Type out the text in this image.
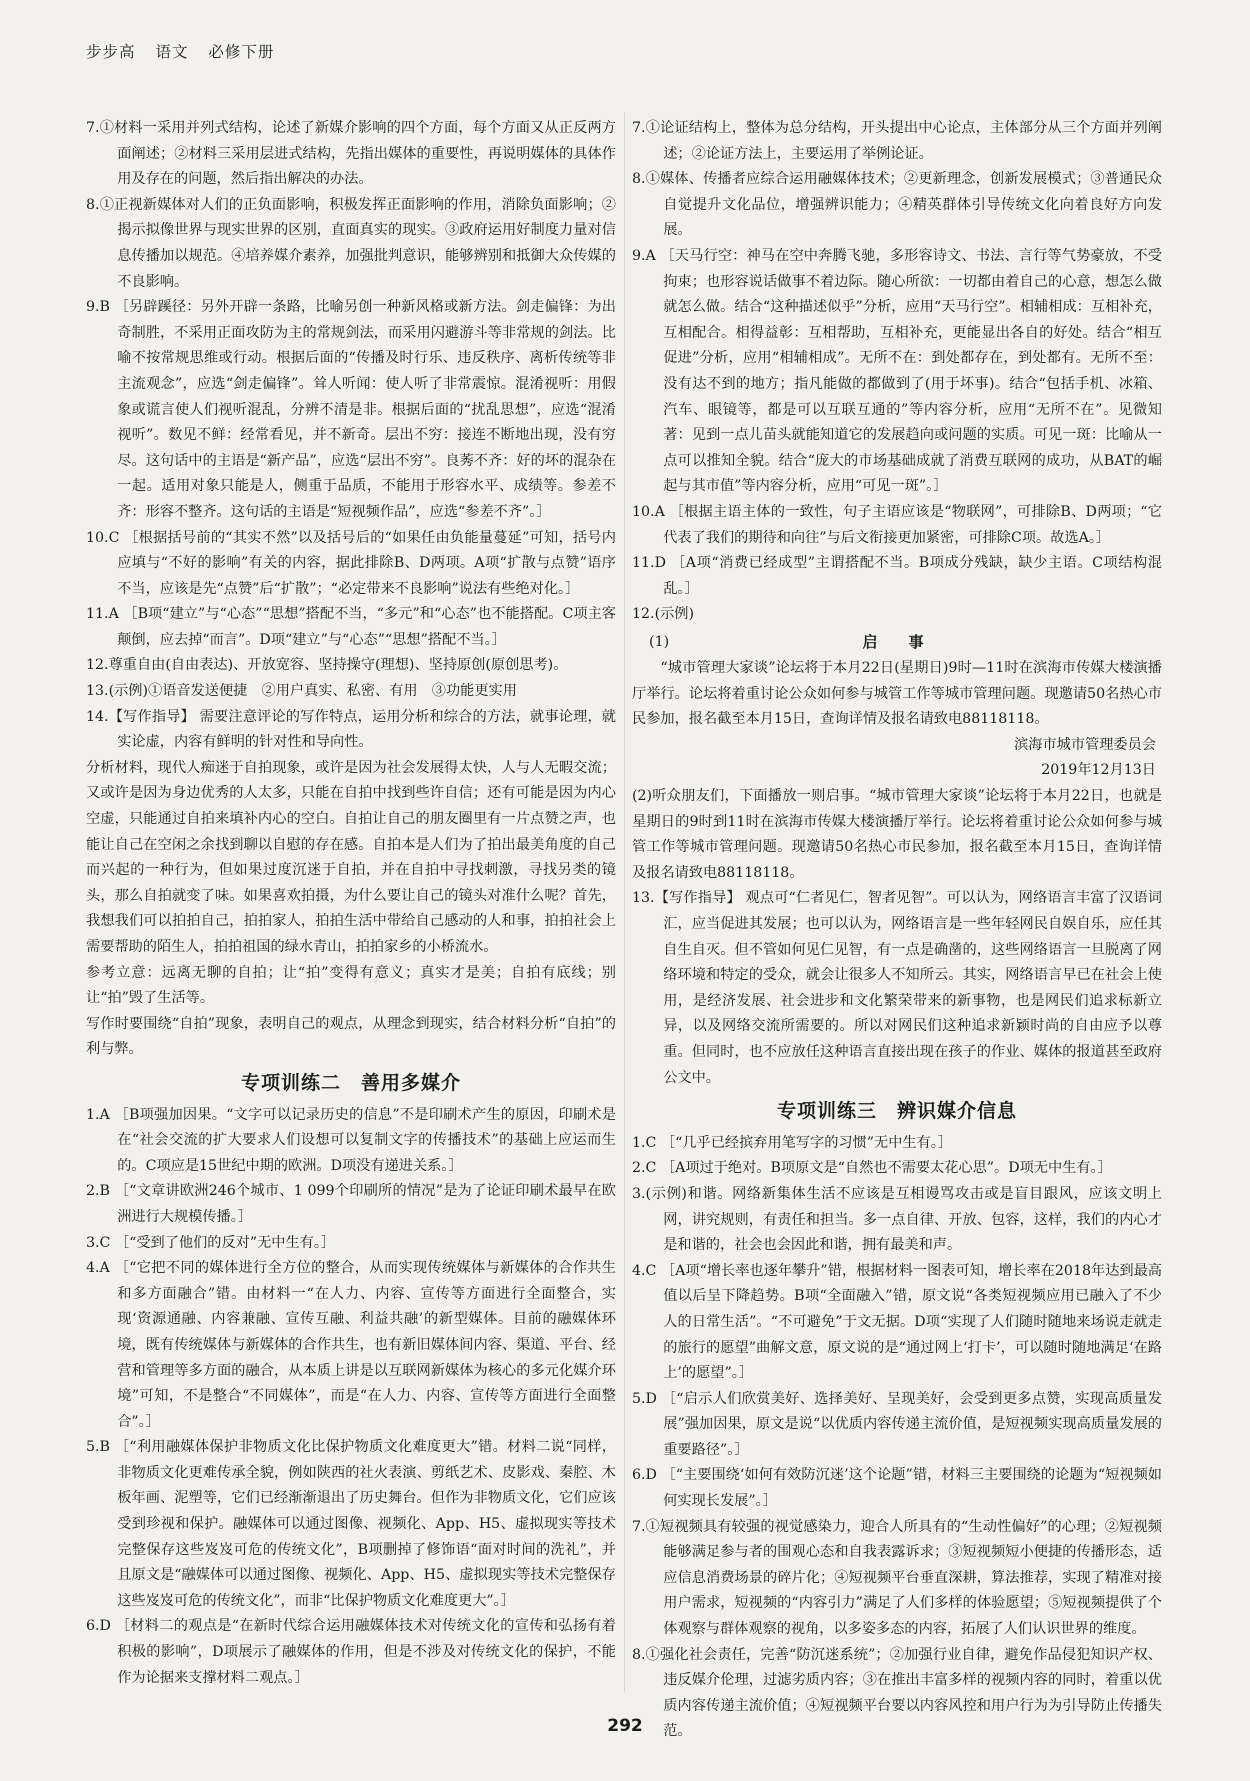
步步高 语文 必修下册

7.①材料一采用并列式结构，论述了新媒介影响的四个方面，每个方面又从正反两方面阐述；②材料三采用层进式结构，先指出媒体的重要性，再说明媒体的具体作用及存在的问题，然后指出解决的办法。

8.①正视新媒体对人们的正负面影响，积极发挥正面影响的作用，消除负面影响；②揭示拟像世界与现实世界的区别，直面真实的现实。③政府运用好制度力量对信息传播加以规范。④培养媒介素养，加强批判意识，能够辨别和抵御大众传媒的不良影响。

9.B ［另辟蹊径：另外开辟一条路，比喻另创一种新风格或新方法。剑走偏锋：为出奇制胜，不采用正面攻防为主的常规剑法，而采用闪避游斗等非常规的剑法。比喻不按常规思维或行动。根据后面的“传播及时行乐、违反秩序、离析传统等非主流观念”，应选“剑走偏锋”。耸人听闻：使人听了非常震惊。混淆视听：用假象或谎言使人们视听混乱，分辨不清是非。根据后面的“扰乱思想”，应选“混淆视听”。数见不鲜：经常看见，并不新奇。层出不穷：接连不断地出现，没有穷尽。这句话中的主语是“新产品”，应选“层出不穷”。良莠不齐：好的坏的混杂在一起。适用对象只能是人，侧重于品质，不能用于形容水平、成绩等。参差不齐：形容不整齐。这句话的主语是“短视频作品”，应选“参差不齐”。］

10.C ［根据括号前的“其实不然”以及括号后的“如果任由负能量蔓延”可知，括号内应填与“不好的影响”有关的内容，据此排除B、D两项。A项“扩散与点赞”语序不当，应该是先“点赞”后“扩散”；“必定带来不良影响”说法有些绝对化。］

11.A ［B项“建立”与“心态”“思想”搭配不当，“多元”和“心态”也不能搭配。C项主客颠倒，应去掉“而言”。D项“建立”与“心态”“思想”搭配不当。］

12.尊重自由(自由表达)、开放宽容、坚持操守(理想)、坚持原创(原创思考)。

13.(示例)①语音发送便捷　②用户真实、私密、有用　③功能更实用

14.【写作指导】 需要注意评论的写作特点，运用分析和综合的方法，就事论理，就实论虚，内容有鲜明的针对性和导向性。

分析材料，现代人痴迷于自拍现象，或许是因为社会发展得太快，人与人无暇交流；又或许是因为身边优秀的人太多，只能在自拍中找到些许自信；还有可能是因为内心空虚，只能通过自拍来填补内心的空白。自拍让自己的朋友圈里有一片点赞之声，也能让自己在空闲之余找到聊以自慰的存在感。自拍本是人们为了拍出最美角度的自己而兴起的一种行为，但如果过度沉迷于自拍，并在自拍中寻找刺激，寻找另类的镜头，那么自拍就变了味。如果喜欢拍摄，为什么要让自己的镜头对准什么呢？首先，我想我们可以拍拍自己，拍拍家人，拍拍生活中带给自己感动的人和事，拍拍社会上需要帮助的陌生人，拍拍祖国的绿水青山，拍拍家乡的小桥流水。

参考立意：远离无聊的自拍；让“拍”变得有意义；真实才是美；自拍有底线；别让“拍”毁了生活等。

写作时要围绕“自拍”现象，表明自己的观点，从理念到现实，结合材料分析“自拍”的利与弊。

专项训练二　善用多媒介

1.A ［B项强加因果。“文字可以记录历史的信息”不是印刷术产生的原因，印刷术是在“社会交流的扩大要求人们设想可以复制文字的传播技术”的基础上应运而生的。C项应是15世纪中期的欧洲。D项没有递进关系。］

2.B ［“文章讲欧洲246个城市、1 099个印刷所的情况”是为了论证印刷术最早在欧洲进行大规模传播。］

3.C ［“受到了他们的反对”无中生有。］

4.A ［“它把不同的媒体进行全方位的整合，从而实现传统媒体与新媒体的合作共生和多方面融合”错。由材料一“在人力、内容、宣传等方面进行全面整合，实现‘资源通融、内容兼融、宣传互融、利益共融’的新型媒体。目前的融媒体环境，既有传统媒体与新媒体的合作共生，也有新旧媒体间内容、渠道、平台、经营和管理等多方面的融合，从本质上讲是以互联网新媒体为核心的多元化媒介环境”可知，不是整合“不同媒体”，而是“在人力、内容、宣传等方面进行全面整合”。］

5.B ［“利用融媒体保护非物质文化比保护物质文化难度更大”错。材料二说“同样，非物质文化更难传承全貌，例如陕西的社火表演、剪纸艺术、皮影戏、秦腔、木板年画、泥塑等，它们已经渐渐退出了历史舞台。但作为非物质文化，它们应该受到珍视和保护。融媒体可以通过图像、视频化、App、H5、虚拟现实等技术完整保存这些岌岌可危的传统文化”，B项删掉了修饰语“面对时间的洗礼”，并且原文是“融媒体可以通过图像、视频化、App、H5、虚拟现实等技术完整保存这些岌岌可危的传统文化”，而非“比保护物质文化难度更大”。］

6.D ［材料二的观点是“在新时代综合运用融媒体技术对传统文化的宣传和弘扬有着积极的影响”，D项展示了融媒体的作用，但是不涉及对传统文化的保护，不能作为论据来支撑材料二观点。］

7.①论证结构上，整体为总分结构，开头提出中心论点，主体部分从三个方面并列阐述；②论证方法上，主要运用了举例论证。

8.①媒体、传播者应综合运用融媒体技术；②更新理念，创新发展模式；③普通民众自觉提升文化品位，增强辨识能力；④精英群体引导传统文化向着良好方向发展。

9.A ［天马行空：神马在空中奔腾飞驰，多形容诗文、书法、言行等气势豪放，不受拘束；也形容说话做事不着边际。随心所欲：一切都由着自己的心意，想怎么做就怎么做。结合“这种描述似乎”分析，应用“天马行空”。相辅相成：互相补充，互相配合。相得益彰：互相帮助，互相补充，更能显出各自的好处。结合“相互促进”分析，应用“相辅相成”。无所不在：到处都存在，到处都有。无所不至：没有达不到的地方；指凡能做的都做到了(用于坏事)。结合“包括手机、冰箱、汽车、眼镜等，都是可以互联互通的”等内容分析，应用“无所不在”。见微知著：见到一点儿苗头就能知道它的发展趋向或问题的实质。可见一斑：比喻从一点可以推知全貌。结合“庞大的市场基础成就了消费互联网的成功，从BAT的崛起与其市值”等内容分析，应用“可见一斑”。］

10.A ［根据主语主体的一致性，句子主语应该是“物联网”，可排除B、D两项；“它代表了我们的期待和向往”与后文衔接更加紧密，可排除C项。故选A。］

11.D ［A项“消费已经成型”主谓搭配不当。B项成分残缺，缺少主语。C项结构混乱。］

12.(示例)

(1)	启　事

“城市管理大家谈”论坛将于本月22日(星期日)9时—11时在滨海市传媒大楼演播厅举行。论坛将着重讨论公众如何参与城管工作等城市管理问题。现邀请50名热心市民参加，报名截至本月15日，查询详情及报名请致电88118118。

滨海市城市管理委员会

2019年12月13日

(2)听众朋友们，下面播放一则启事。“城市管理大家谈”论坛将于本月22日，也就是星期日的9时到11时在滨海市传媒大楼演播厅举行。论坛将着重讨论公众如何参与城管工作等城市管理问题。现邀请50名热心市民参加，报名截至本月15日，查询详情及报名请致电88118118。

13.【写作指导】 观点可“仁者见仁，智者见智”。可以认为，网络语言丰富了汉语词汇，应当促进其发展；也可以认为，网络语言是一些年轻网民自娱自乐，应任其自生自灭。但不管如何见仁见智，有一点是确凿的，这些网络语言一旦脱离了网络环境和特定的受众，就会让很多人不知所云。其实，网络语言早已在社会上使用，是经济发展、社会进步和文化繁荣带来的新事物，也是网民们追求标新立异，以及网络交流所需要的。所以对网民们这种追求新颖时尚的自由应予以尊重。但同时，也不应放任这种语言直接出现在孩子的作业、媒体的报道甚至政府公文中。

专项训练三　辨识媒介信息

1.C ［“几乎已经摈弃用笔写字的习惯”无中生有。］

2.C ［A项过于绝对。B项原文是“自然也不需要太花心思”。D项无中生有。］

3.(示例)和谐。网络新集体生活不应该是互相谩骂攻击或是盲目跟风，应该文明上网，讲究规则，有责任和担当。多一点自律、开放、包容，这样，我们的内心才是和谐的，社会也会因此和谐，拥有最美和声。

4.C ［A项“增长率也逐年攀升”错，根据材料一图表可知，增长率在2018年达到最高值以后呈下降趋势。B项“全面融入”错，原文说“各类短视频应用已融入了不少人的日常生活”。“不可避免”于文无据。D项“实现了人们随时随地来场说走就走的旅行的愿望”曲解文意，原文说的是“通过网上‘打卡’，可以随时随地满足‘在路上’的愿望”。］

5.D ［“启示人们欣赏美好、选择美好、呈现美好，会受到更多点赞，实现高质量发展”强加因果，原文是说“以优质内容传递主流价值，是短视频实现高质量发展的重要路径”。］

6.D ［“主要围绕‘如何有效防沉迷’这个论题”错，材料三主要围绕的论题为“短视频如何实现长发展”。］

7.①短视频具有较强的视觉感染力，迎合人所具有的“生动性偏好”的心理；②短视频能够满足参与者的围观心态和自我表露诉求；③短视频短小便捷的传播形态，适应信息消费场景的碎片化；④短视频平台垂直深耕，算法推荐，实现了精准对接用户需求，短视频的“内容引力”满足了人们多样的体验愿望；⑤短视频提供了个体观察与群体观察的视角，以多姿多态的内容，拓展了人们认识世界的维度。

8.①强化社会责任，完善“防沉迷系统”；②加强行业自律，避免作品侵犯知识产权、违反媒介伦理，过滤劣质内容；③在推出丰富多样的视频内容的同时，着重以优质内容传递主流价值；④短视频平台要以内容风控和用户行为为引导防止传播失范。

292
